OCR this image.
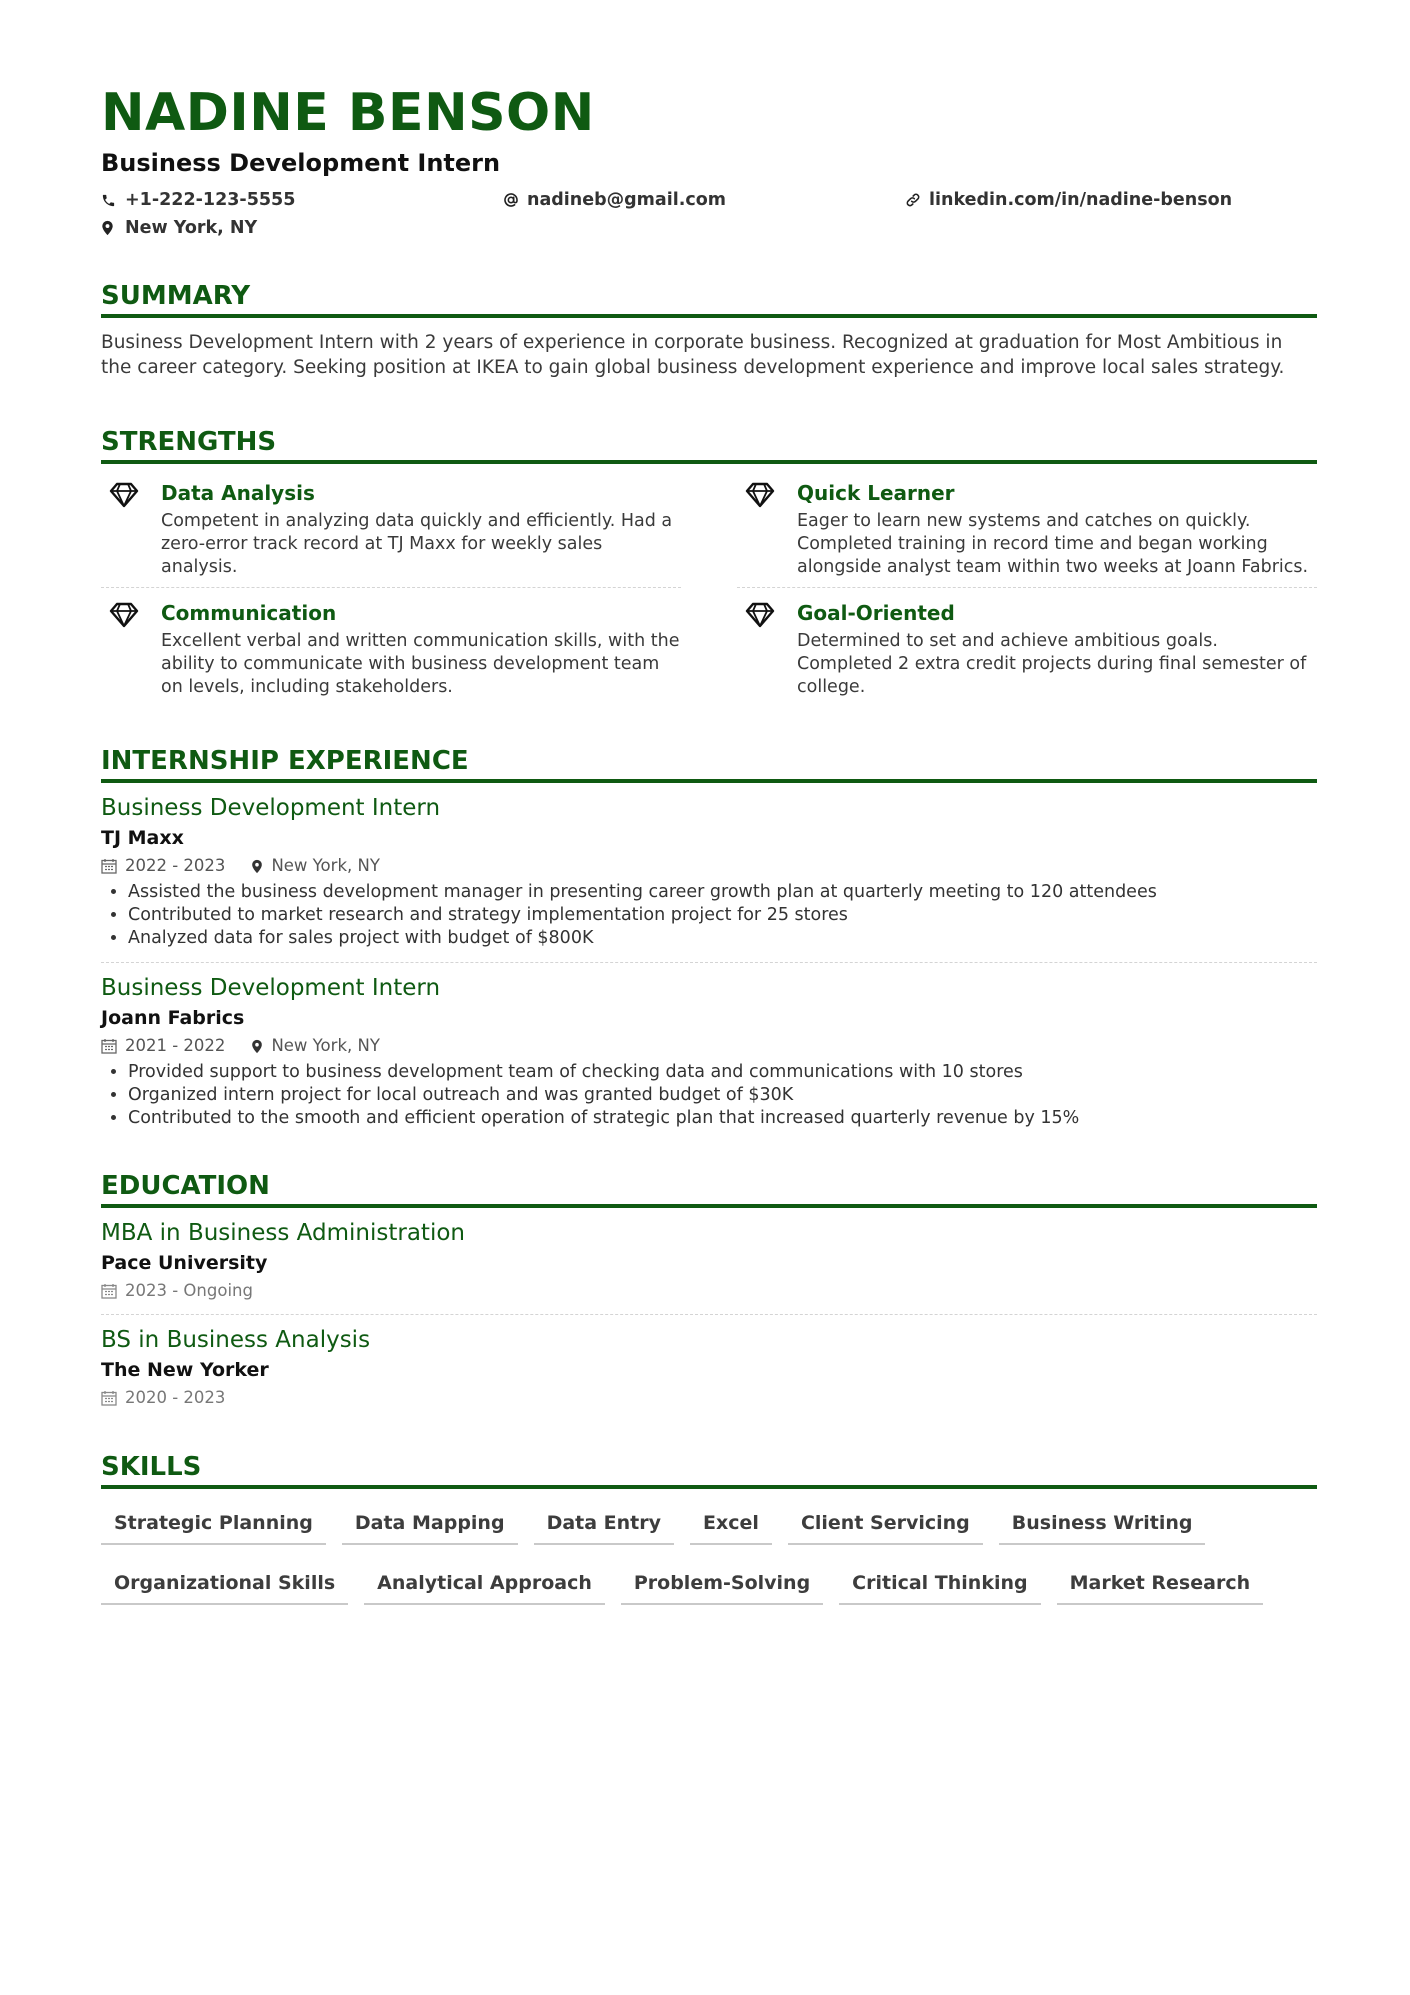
NADINE BENSON
Business Development Intern
+1-222-123-5555	nadineb@gmail.com	linkedin.com/in/nadine-benson
New York, NY
SUMMARY
Business Development Intern with 2 years of experience in corporate business. Recognized at graduation for Most Ambitious in the career category. Seeking position at IKEA to gain global business development experience and improve local sales strategy.
STRENGTHS
Data Analysis
Competent in analyzing data quickly and efficiently. Had a zero-error track record at TJ Maxx for weekly sales analysis.
Quick Learner
Eager to learn new systems and catches on quickly. Completed training in record time and began working alongside analyst team within two weeks at Joann Fabrics.
Communication
Excellent verbal and written communication skills, with the ability to communicate with business development team on levels, including stakeholders.
Goal-Oriented
Determined to set and achieve ambitious goals. Completed 2 extra credit projects during final semester of college.
INTERNSHIP EXPERIENCE
Business Development Intern
TJ Maxx
2022 - 2023	New York, NY
• Assisted the business development manager in presenting career growth plan at quarterly meeting to 120 attendees
• Contributed to market research and strategy implementation project for 25 stores
• Analyzed data for sales project with budget of $800K
Business Development Intern
Joann Fabrics
2021 - 2022	New York, NY
• Provided support to business development team of checking data and communications with 10 stores
• Organized intern project for local outreach and was granted budget of $30K
• Contributed to the smooth and efficient operation of strategic plan that increased quarterly revenue by 15%
EDUCATION
MBA in Business Administration
Pace University
2023 - Ongoing
BS in Business Analysis
The New Yorker
2020 - 2023
SKILLS
Strategic Planning	Data Mapping	Data Entry	Excel	Client Servicing	Business Writing
Organizational Skills	Analytical Approach	Problem-Solving	Critical Thinking	Market Research
